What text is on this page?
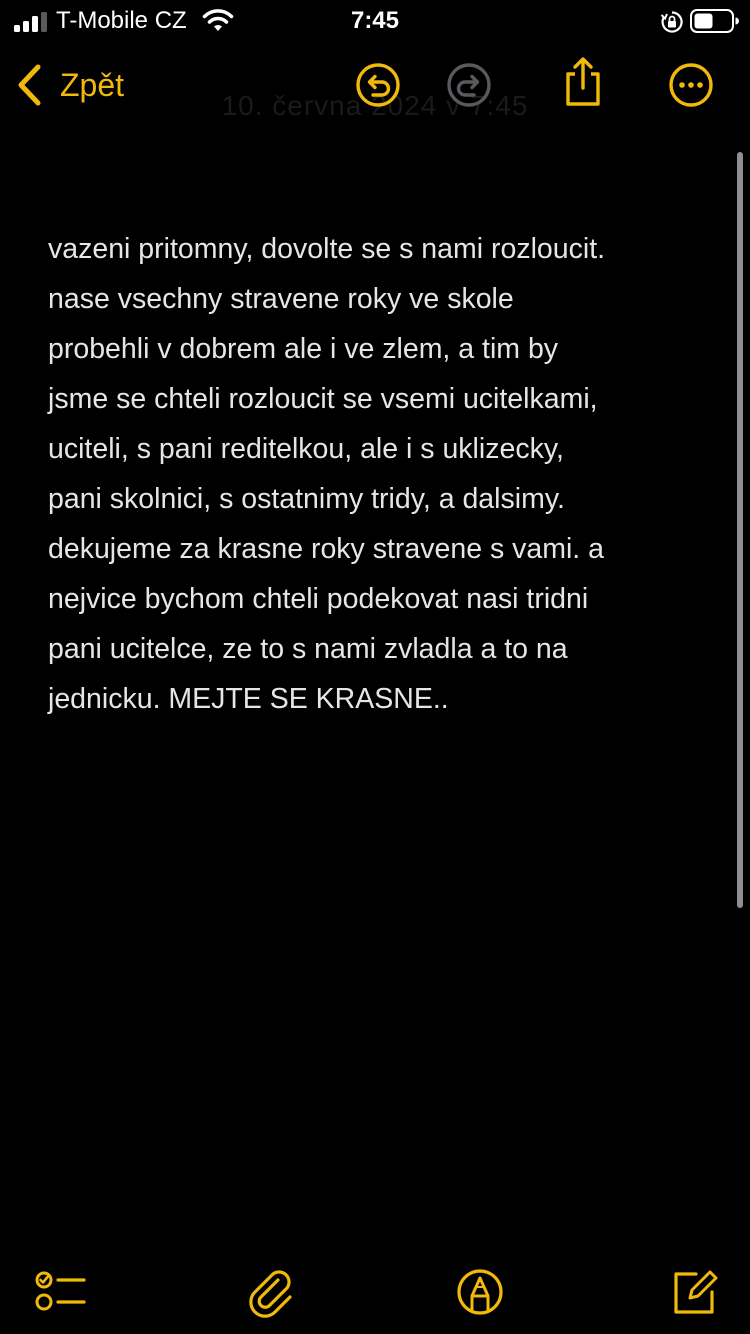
T-Mobile CZ	7:45
Zpět
10. června 2024 v 7:45
vazeni pritomny, dovolte se s nami rozloucit.
nase vsechny stravene roky ve skole
probehli v dobrem ale i ve zlem, a tim by
jsme se chteli rozloucit se vsemi ucitelkami,
uciteli, s pani reditelkou, ale i s uklizecky,
pani skolnici, s ostatnimy tridy, a dalsimy.
dekujeme za krasne roky stravene s vami. a
nejvice bychom chteli podekovat nasi tridni
pani ucitelce, ze to s nami zvladla a to na
jednicku. MEJTE SE KRASNE..
